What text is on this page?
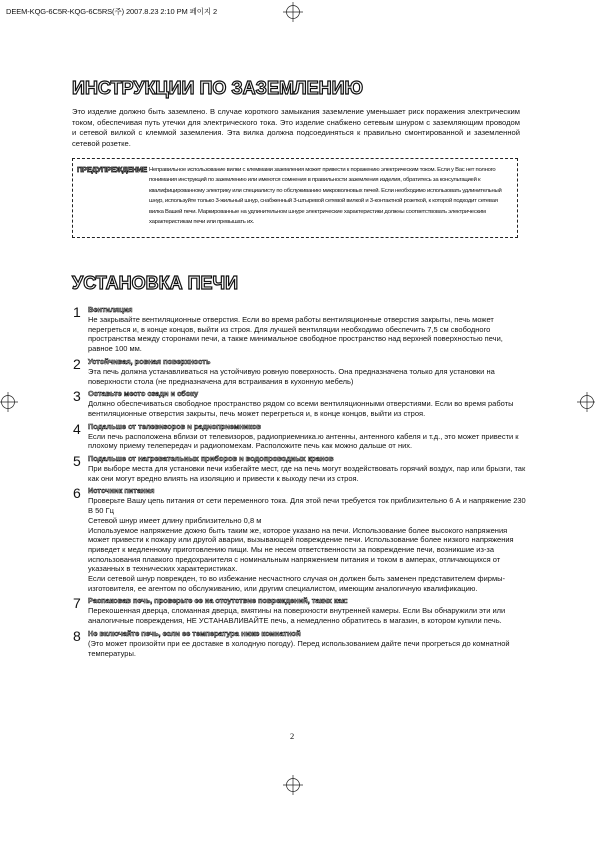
DEEM-KQG-6C5R-KQG-6C5RS(주) 2007.8.23 2:10 PM 페이지 2
ИНСТРУКЦИИ ПО ЗАЗЕМЛЕНИЮ

Это изделие должно быть заземлено. В случае короткого замыкания заземление уменьшает риск поражения электрическим током, обеспечивая путь утечки для электрического тока. Это изделие снабжено сетевым шнуром с заземляющим проводом и сетевой вилкой с клеммой заземления. Эта вилка должна подсоединяться к правильно смонтированной и заземленной сетевой розетке.

ПРЕДУПРЕЖДЕНИЕ Неправильное использование вилки с клеммами заземления может привести к поражению электрическим током. Если у Вас нет полного понимания инструкций по заземлению или имеются сомнения в правильности заземления изделия, обратитесь за консультацией к квалифицированному электрику или специалисту по обслуживанию микроволновых печей. Если необходимо использовать удлинительный шнур, используйте только 3-жильный шнур, снабженный 3-штыревой сетевой вилкой и 3-контактной розеткой, к которой подходит сетевая вилка Вашей печи. Маркированные на удлинительном шнуре электрические характеристики должны соответствовать электрическим характеристикам печи или превышать их.

УСТАНОВКА ПЕЧИ
1 Вентиляция

Не закрывайте вентиляционные отверстия. Если во время работы вентиляционные отверстия закрыты, печь может перегреться и, в конце концов, выйти из строя. Для лучшей вентиляции необходимо обеспечить 7,5 см свободного пространства между сторонами печи, а также минимальное свободное пространство над верхней поверхностью печи, равное 100 мм.

2 Устойчивая, ровная поверхность

Эта печь должна устанавливаться на устойчивую ровную поверхность. Она предназначена только для установки на поверхности стола (не предназначена для встраивания в кухонную мебель)

3 Оставьте место сзади и сбоку

Должно обеспечиваться свободное пространство рядом со всеми вентиляционными отверстиями. Если во время работы вентиляционные отверстия закрыты, печь может перегреться и, в конце концов, выйти из строя.

4 Подальше от телевизоров и радиоприемников

Если печь расположена вблизи от телевизоров, радиоприемника.ю антенны, антенного кабеля и т.д., это может привести к плохому приему телепередач и радиопомехам. Расположите печь как можно дальше от них.

5 Подальше от нагревательных приборов и водопроводных кранов

При выборе места для установки печи избегайте мест, где на печь могут воздействовать горячий воздух, пар или брызги, так как они могут вредно влиять на изоляцию и привести к выходу печи из строя.

6 Источник питания

Проверьте Вашу цепь питания от сети переменного тока. Для этой печи требуется ток приблизительно 6 А и напряжение 230 В 50 Гц
Сетевой шнур имеет длину приблизительно 0,8 м
Используемое напряжение дожно быть таким же, которое указано на печи. Использование более высокого напряжения может привести к пожару или другой аварии, вызывающей повреждение печи. Использование более низкого напряжения приведет к медленному приготовлению пищи. Мы не несем ответственности за повреждение печи, возникшие из-за использования плавкого предохранителя с номинальным напряжением питания и током в амперах, отличающихся от указанных в технических характеристиках.
Если сетевой шнур поврежден, то во избежание несчастного случая он должен быть заменен представителем фирмы-изготовителя, ее агентом по обслуживанию, или другим специалистом, имеющим аналогичную квалификацию.

7 Распаковав печь, проверьте ее на отсутствие повреждений, таких как:

Перекошенная дверца, сломанная дверца, вмятины на поверхности внутренней камеры. Если Вы обнаружили эти или аналогичные повреждения, НЕ УСТАНАВЛИВАЙТЕ печь, а немедленно обратитесь в магазин, в котором купили печь.

8 Не включайте печь, если ее температура ниже комнатной

(Это может произойти при ее доставке в холодную погоду). Перед использованием дайте печи прогреться до комнатной температуры.

2
